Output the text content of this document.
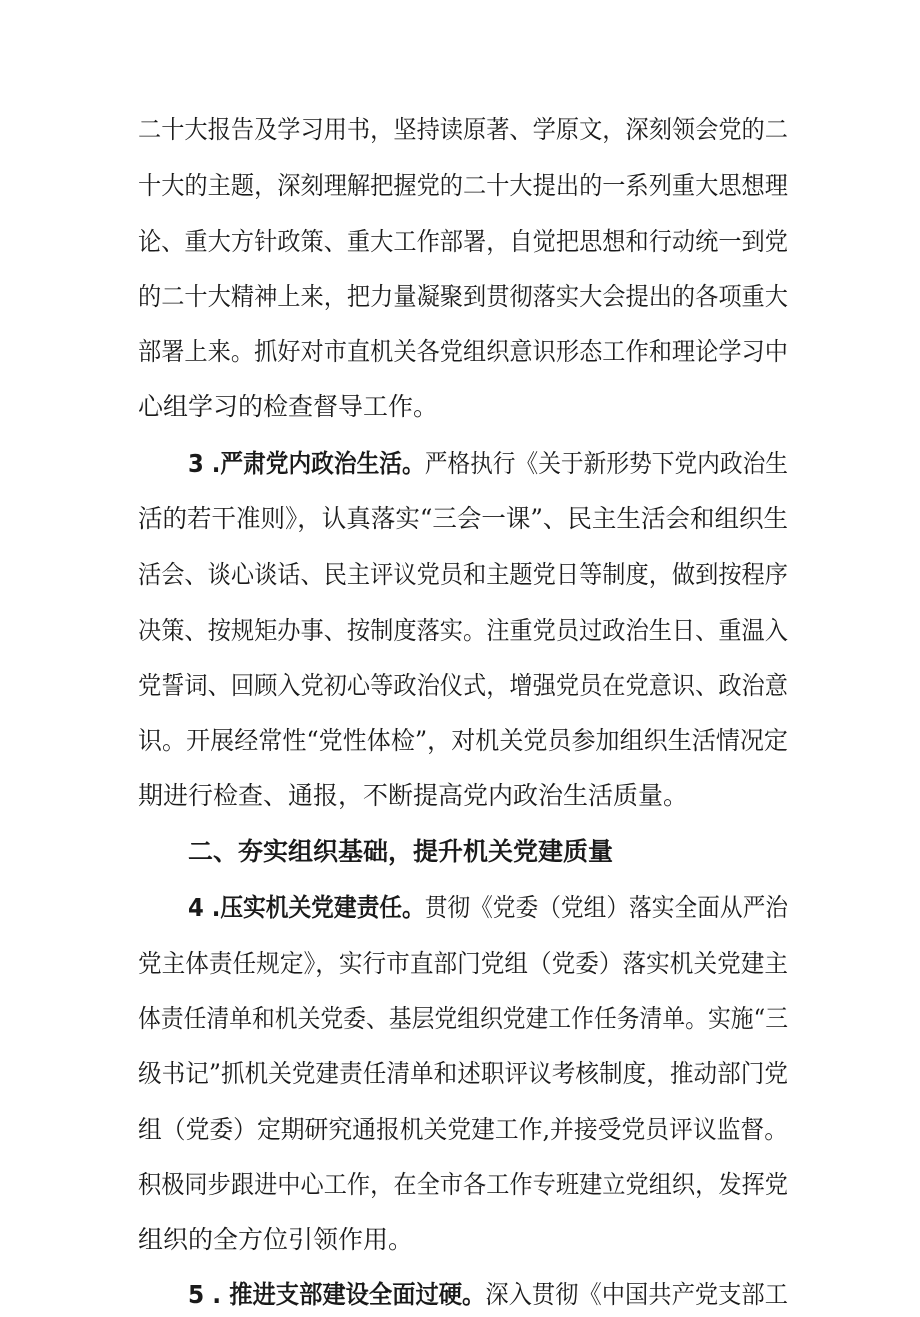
二十大报告及学习用书，坚持读原著、学原文，深刻领会党的二
十大的主题，深刻理解把握党的二十大提出的一系列重大思想理
论、重大方针政策、重大工作部署，自觉把思想和行动统一到党
的二十大精神上来，把力量凝聚到贯彻落实大会提出的各项重大
部署上来。抓好对市直机关各党组织意识形态工作和理论学习中
心组学习的检查督导工作。
3 .严肃党内政治生活。严格执行《关于新形势下党内政治生
活的若干准则》，认真落实“三会一课”、民主生活会和组织生
活会、谈心谈话、民主评议党员和主题党日等制度，做到按程序
决策、按规矩办事、按制度落实。注重党员过政治生日、重温入
党誓词、回顾入党初心等政治仪式，增强党员在党意识、政治意
识。开展经常性“党性体检”，对机关党员参加组织生活情况定
期进行检查、通报，不断提高党内政治生活质量。
二、夯实组织基础，提升机关党建质量
4 .压实机关党建责任。贯彻《党委（党组）落实全面从严治
党主体责任规定》，实行市直部门党组（党委）落实机关党建主
体责任清单和机关党委、基层党组织党建工作任务清单。实施“三
级书记”抓机关党建责任清单和述职评议考核制度，推动部门党
组（党委）定期研究通报机关党建工作,并接受党员评议监督。
积极同步跟进中心工作，在全市各工作专班建立党组织，发挥党
组织的全方位引领作用。
5 . 推进支部建设全面过硬。深入贯彻《中国共产党支部工
